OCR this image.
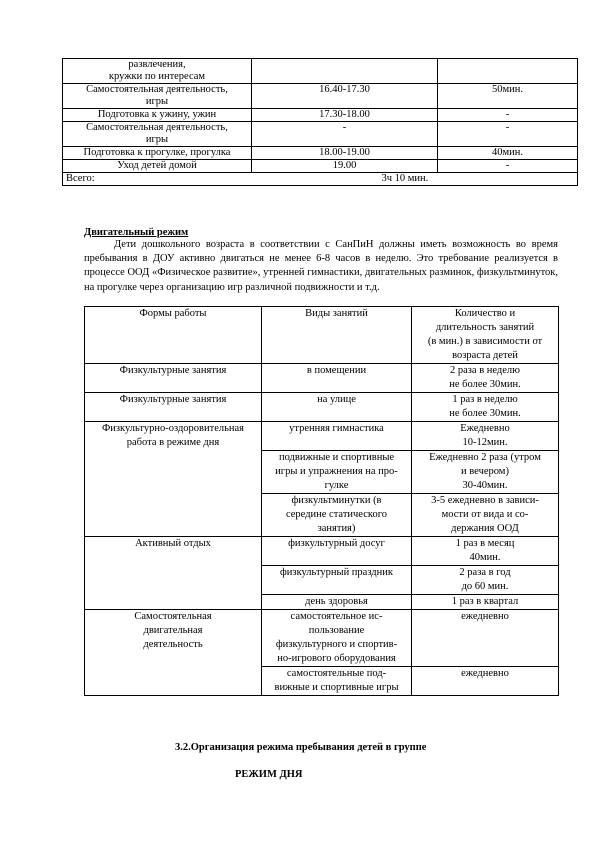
развлечения,
кружки по интересам		
Самостоятельная деятельность,
игры	16.40-17.30	50мин.
Подготовка к ужину, ужин	17.30-18.00	-
Самостоятельная деятельность,
игры	-	-
Подготовка к прогулке, прогулка	18.00-19.00	40мин.
Уход детей домой	19.00	-
Всего:	3ч 10 мин.	
Двигательный режим

Дети дошкольного возраста в соответствии с СанПиН должны иметь возможность во время пребывания в ДОУ активно двигаться не менее 6-8 часов в неделю. Это требование реализуется в процессе ООД «Физическое развитие», утренней гимнастики, двигательных разминок, физкультминуток, на прогулке через организацию игр различной подвижности и т.д.

Формы работы	Виды занятий	Количество и
длительность занятий
(в мин.) в зависимости от
возраста детей
Физкультурные занятия	в помещении	2 раза в неделю
не более 30мин.
Физкультурные занятия	на улице	1 раз в неделю
не более 30мин.
Физкультурно-оздоровительная
работа в режиме дня	утренняя гимнастика	Ежедневно
10-12мин.
	подвижные и спортивные
игры и упражнения на про-
гулке	Ежедневно 2 раза (утром
и вечером)
30-40мин.
	физкультминутки (в
середине статического
занятия)	3-5 ежедневно в зависи-
мости от вида и со-
держания ООД
Активный отдых	физкультурный досуг	1 раз в месяц
40мин.
	физкультурный праздник	2 раза в год
до 60 мин.
	день здоровья	1 раз в квартал
Самостоятельная
двигательная
деятельность	самостоятельное ис-
пользование
физкультурного и спортив-
но-игрового оборудования	ежедневно
	самостоятельные под-
вижные и спортивные игры	ежедневно
3.2.Организация режима пребывания детей в группе
РЕЖИМ ДНЯ
